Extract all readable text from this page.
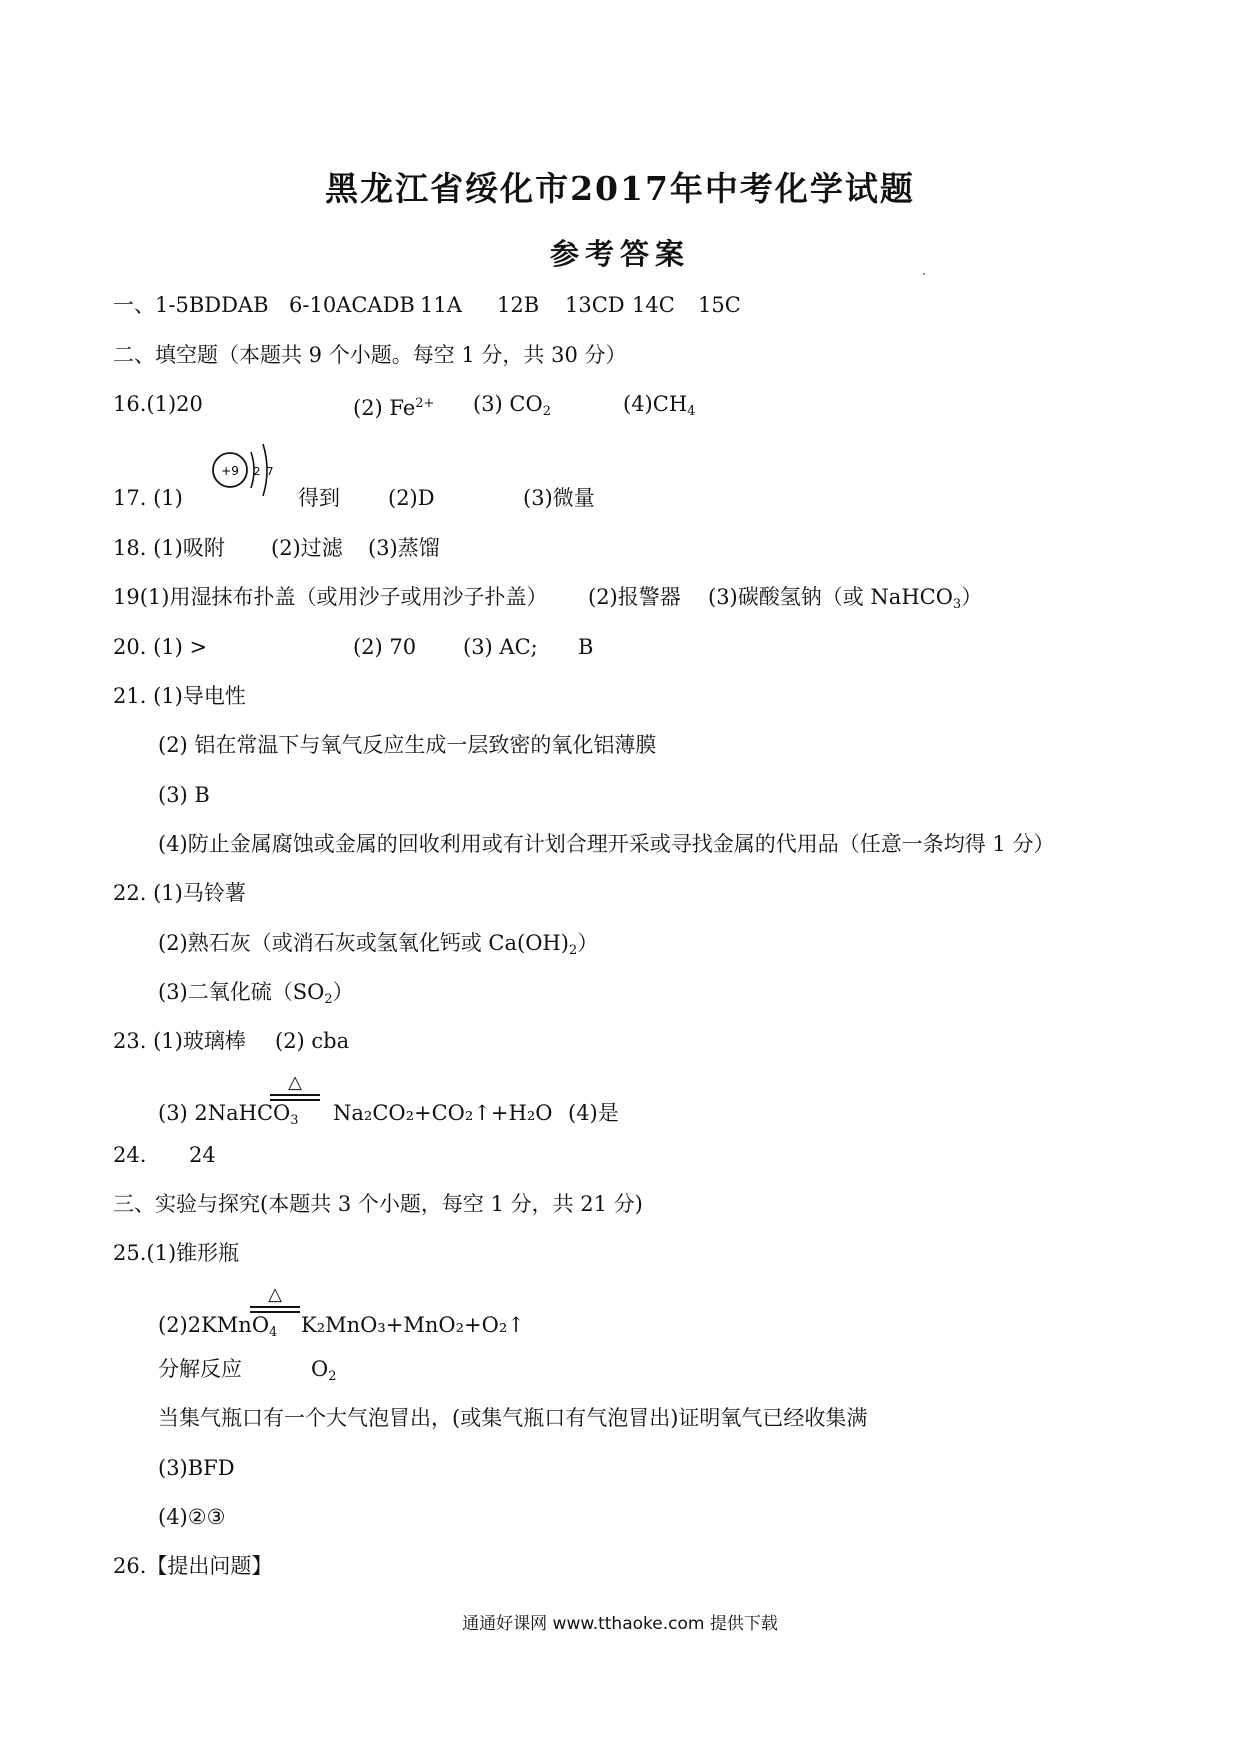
黑龙江省绥化市2017年中考化学试题
参考答案
一、1-5BDDAB 6-10ACADB 11A 12B 13CD 14C 15C
二、填空题（本题共 9 个小题。每空 1 分，共 30 分）
16.(1)20	(2) $Fe^{2+}$ (3) $CO_2$	$(4)CH_4$
+9 2 7
17. (1)	得到 (2)D	(3)微量
18. (1)吸附 (2)过滤 (3)蒸馏
19(1)用湿抹布扑盖（或用沙子或用沙子扑盖） (2)报警器 (3)碳酸氢钠（或 NaHCO$_3$）
20. (1) >	(2) 70 (3) AC; B
21. (1)导电性
(2) 铝在常温下与氧气反应生成一层致密的氧化铝薄膜
(3) B
(4)防止金属腐蚀或金属的回收利用或有计划合理开采或寻找金属的代用品（任意一条均得 1 分）
22. (1)马铃薯
(2)熟石灰（或消石灰或氢氧化钙或 $Ca(OH)_2$）
(3)二氧化硫$(SO_2)$
23. (1)玻璃棒 (2) cba
(3) 2NaHCO$_3$ Na₂CO₂+CO₂↑+H₂O (4)是
△
24. 24
三、实验与探究(本题共 3 个小题，每空 1 分，共 21 分)
25.(1)锥形瓶
(2)2KMnO$_4$ K₂MnO₃+MnO₂+O₂↑
△
分解反应	$O_2$
当集气瓶口有一个大气泡冒出，(或集气瓶口有气泡冒出)证明氧气已经收集满
(3)BFD
(4)②③
26.【提出问题】
通通好课网 www.tthaoke.com 提供下载
